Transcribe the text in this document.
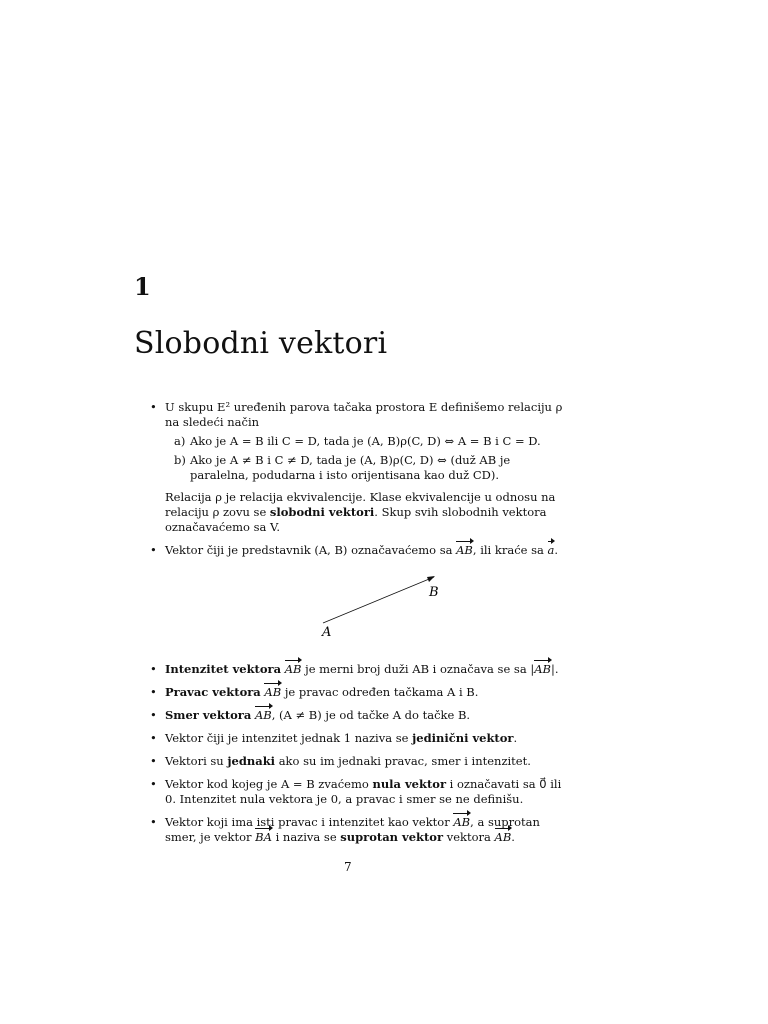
1
Slobodni vektori
• U skupu E² uređenih parova tačaka prostora E definišemo relaciju ρ na sledeći način
a) Ako je A = B ili C = D, tada je (A, B)ρ(C, D) ⇔ A = B i C = D.
b) Ako je A ≠ B i C ≠ D, tada je (A, B)ρ(C, D) ⇔ (duž AB je paralelna, podudarna i isto orijentisana kao duž CD).
Relacija ρ je relacija ekvivalencije. Klase ekvivalencije u odnosu na relaciju ρ zovu se slobodni vektori. Skup svih slobodnih vektora označavaćemo sa V.
• Vektor čiji je predstavnik (A, B) označavaćemo sa AB, ili kraće sa a.
• Intenzitet vektora AB je merni broj duži AB i označava se sa |AB|.
• Pravac vektora AB je pravac određen tačkama A i B.
• Smer vektora AB, (A ≠ B) je od tačke A do tačke B.
• Vektor čiji je intenzitet jednak 1 naziva se jedinični vektor.
• Vektori su jednaki ako su im jednaki pravac, smer i intenzitet.
• Vektor kod kojeg je A = B zvaćemo nula vektor i označavati sa 0⃗ ili 0. Intenzitet nula vektora je 0, a pravac i smer se ne definišu.
• Vektor koji ima isti pravac i intenzitet kao vektor AB, a suprotan smer, je vektor BA i naziva se suprotan vektor vektora AB.
A
B
7
